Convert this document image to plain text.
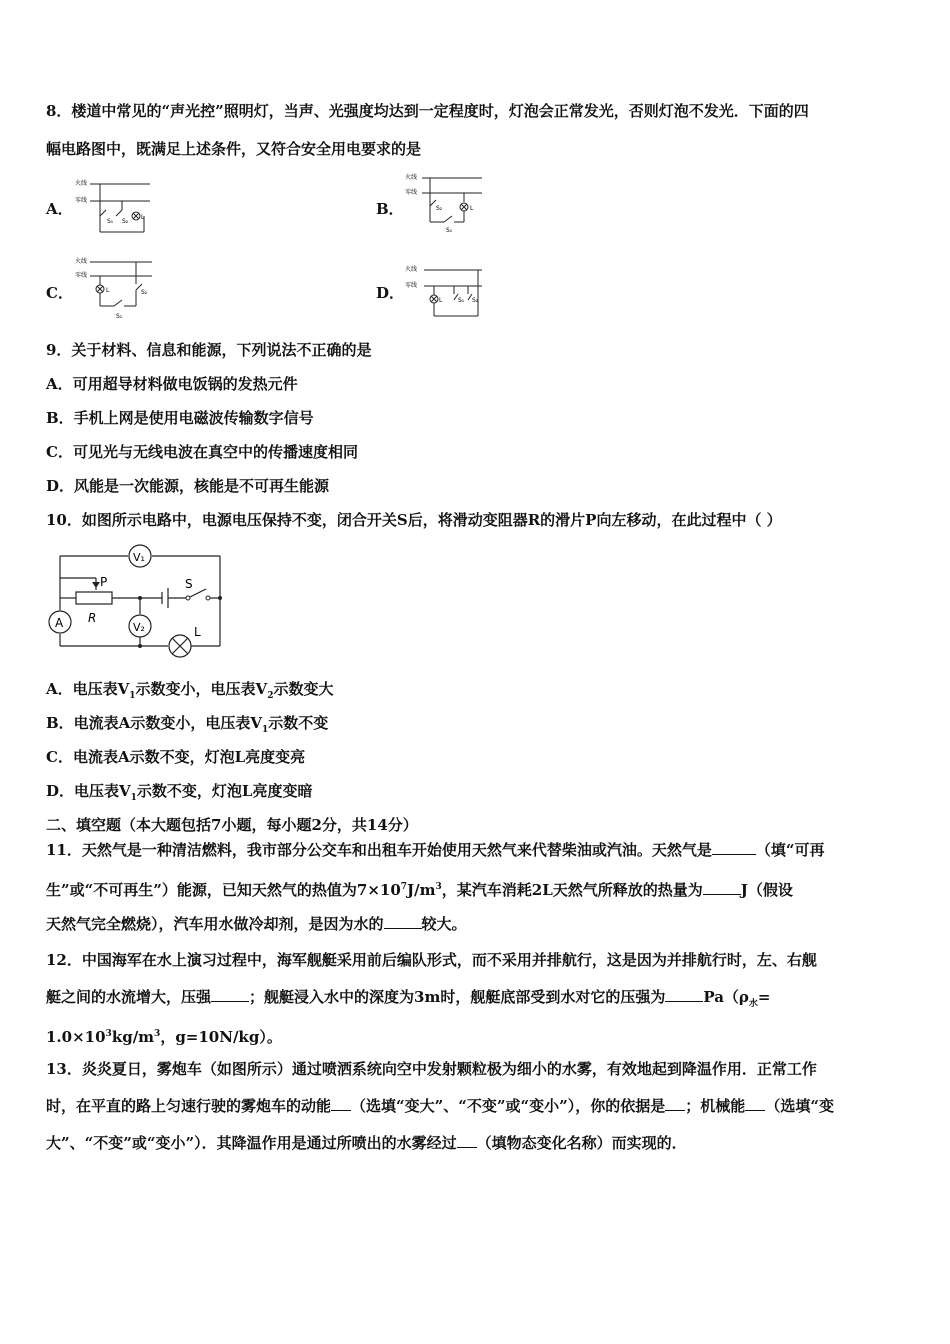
8．楼道中常见的“声光控”照明灯，当声、光强度均达到一定程度时，灯泡会正常发光，否则灯泡不发光．下面的四
幅电路图中，既满足上述条件，又符合安全用电要求的是
A．
火线
零线
S₁ S₂
L	B．
火线
零线
S₂
S₁
L
C．
火线
零线
L	S₂
S₁
D．
火线
零线
L	S₁ S₂
9．关于材料、信息和能源，下列说法不正确的是
A．可用超导材料做电饭锅的发热元件
B．手机上网是使用电磁波传输数字信号
C．可见光与无线电波在真空中的传播速度相同
D．风能是一次能源，核能是不可再生能源
10．如图所示电路中，电源电压保持不变，闭合开关S后，将滑动变阻器R的滑片P向左移动，在此过程中（ ）
V₁
A
P
R
S
V₂	L
A．电压表$V_1$示数变小，电压表$V_2$示数变大
B．电流表A示数变小，电压表$V_1$示数不变
C．电流表A示数不变，灯泡L亮度变亮
D．电压表$V_1$示数不变，灯泡L亮度变暗
二、填空题（本大题包括7小题，每小题2分，共14分）
11．天然气是一种清洁燃料，我市部分公交车和出租车开始使用天然气来代替柴油或汽油。天然气是	（填“可再
生”或“不可再生”）能源，已知天然气的热值为$7\times 10^7J/m^3$，某汽车消耗2L天然气所释放的热量为	J（假设
天然气完全燃烧），汽车用水做冷却剂，是因为水的	较大。
12．中国海军在水上演习过程中，海军舰艇采用前后编队形式，而不采用并排航行，这是因为并排航行时，左、右舰
艇之间的水流增大，压强	；舰艇浸入水中的深度为3m时，舰艇底部受到水对它的压强为	$Pa(\rho_水=$
$1.0\times 10^3kg/m^3$，g=10N/kg）。
13．炎炎夏日，雾炮车（如图所示）通过喷洒系统向空中发射颗粒极为细小的水雾，有效地起到降温作用．正常工作
时，在平直的路上匀速行驶的雾炮车的动能 （选填“变大”、“不变”或“变小”），你的依据是 ；机械能 （选填“变
大”、“不变”或“变小”）．其降温作用是通过所喷出的水雾经过 （填物态变化名称）而实现的．
